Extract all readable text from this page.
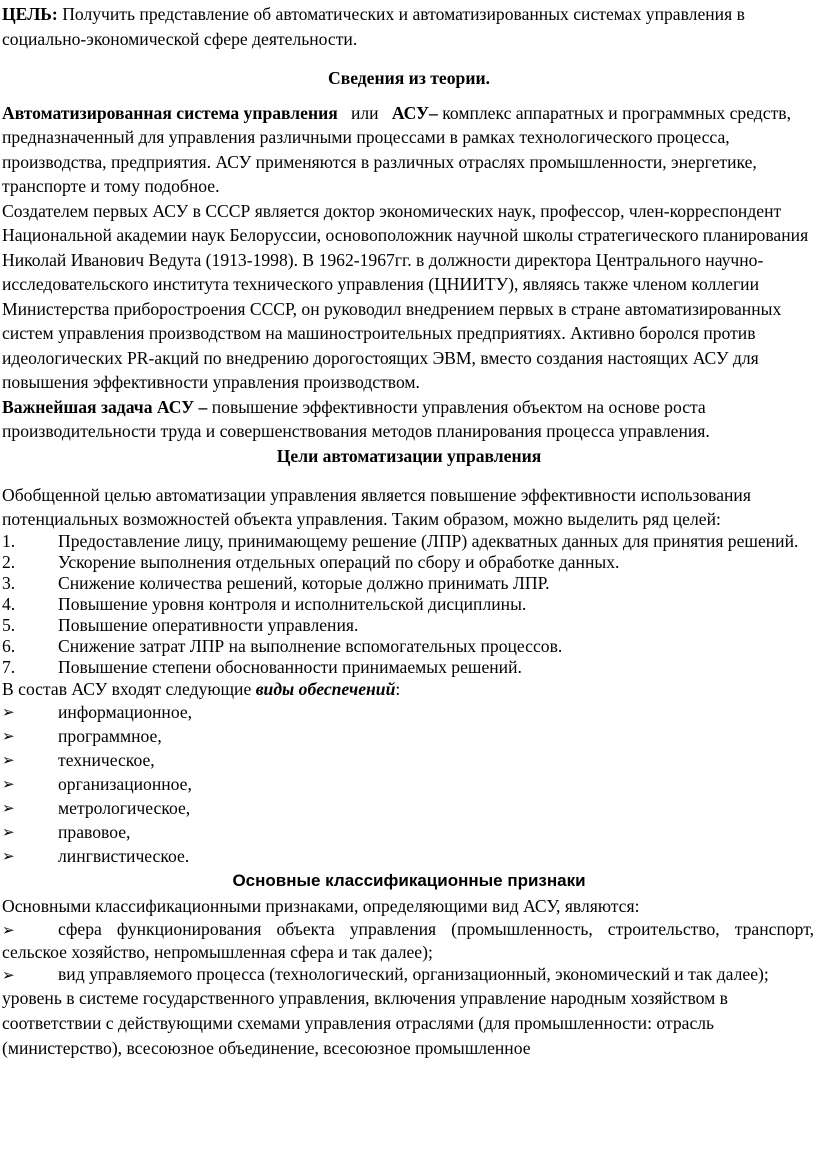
ЦЕЛЬ: Получить представление об автоматических и автоматизированных системах управления в социально-экономической сфере деятельности.

Сведения из теории.

Автоматизированная система управления   или   АСУ– комплекс аппаратных и программных средств, предназначенный для управления различными процессами в рамках технологического процесса, производства, предприятия. АСУ применяются в различных отраслях промышленности, энергетике, транспорте и тому подобное.

Создателем первых АСУ в СССР является доктор экономических наук, профессор, член-корреспондент Национальной академии наук Белоруссии, основоположник научной школы стратегического планирования Николай Иванович Ведута (1913-1998). В 1962-1967гг. в должности директора Центрального научно-исследовательского института технического управления (ЦНИИТУ), являясь также членом коллегии Министерства приборостроения СССР, он руководил внедрением первых в стране автоматизированных систем управления производством на машиностроительных предприятиях. Активно боролся против идеологических PR-акций по внедрению дорогостоящих ЭВМ, вместо создания настоящих АСУ для повышения эффективности управления производством.

Важнейшая задача АСУ – повышение эффективности управления объектом на основе роста производительности труда и совершенствования методов планирования процесса управления.

Цели автоматизации управления

Обобщенной целью автоматизации управления является повышение эффективности использования потенциальных возможностей объекта управления. Таким образом, можно выделить ряд целей:

1. Предоставление лицу, принимающему решение (ЛПР) адекватных данных для принятия решений.
2. Ускорение выполнения отдельных операций по сбору и обработке данных.
3. Снижение количества решений, которые должно принимать ЛПР.
4. Повышение уровня контроля и исполнительской дисциплины.
5. Повышение оперативности управления.
6. Снижение затрат ЛПР на выполнение вспомогательных процессов.
7. Повышение степени обоснованности принимаемых решений.

В состав АСУ входят следующие виды обеспечений:

➢ информационное,
➢ программное,
➢ техническое,
➢ организационное,
➢ метрологическое,
➢ правовое,
➢ лингвистическое.

Основные классификационные признаки

Основными классификационными признаками, определяющими вид АСУ, являются:

➢ сфера функционирования объекта управления (промышленность, строительство, транспорт, сельское хозяйство, непромышленная сфера и так далее);
➢ вид управляемого процесса (технологический, организационный, экономический и так далее);

уровень в системе государственного управления, включения управление народным хозяйством в соответствии с действующими схемами управления отраслями (для промышленности: отрасль (министерство), всесоюзное объединение, всесоюзное промышленное
